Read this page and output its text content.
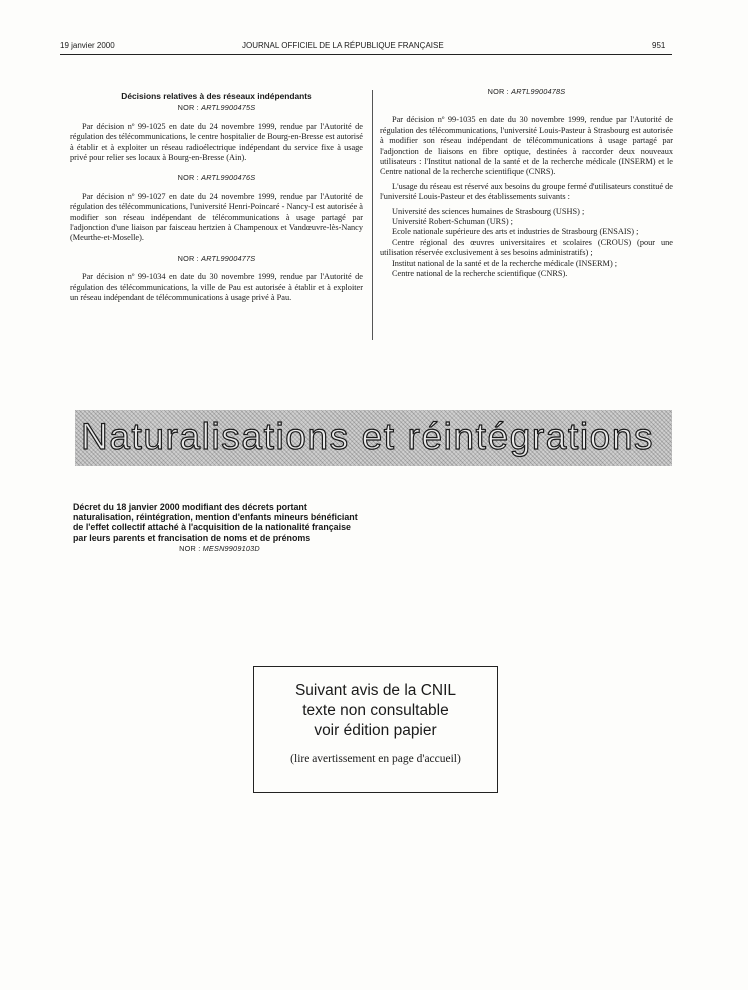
19 janvier 2000	JOURNAL OFFICIEL DE LA RÉPUBLIQUE FRANÇAISE	951
Décisions relatives à des réseaux indépendants
NOR : ARTL9900475S

Par décision nº 99-1025 en date du 24 novembre 1999, rendue par l'Autorité de régulation des télécommunications, le centre hospitalier de Bourg-en-Bresse est autorisé à établir et à exploiter un réseau radioélectrique indépendant du service fixe à usage privé pour relier ses locaux à Bourg-en-Bresse (Ain).

NOR : ARTL9900476S

Par décision nº 99-1027 en date du 24 novembre 1999, rendue par l'Autorité de régulation des télécommunications, l'université Henri-Poincaré - Nancy-I est autorisée à modifier son réseau indépendant de télécommunications à usage partagé par l'adjonction d'une liaison par faisceau hertzien à Champenoux et Vandœuvre-lès-Nancy (Meurthe-et-Moselle).

NOR : ARTL9900477S

Par décision nº 99-1034 en date du 30 novembre 1999, rendue par l'Autorité de régulation des télécommunications, la ville de Pau est autorisée à établir et à exploiter un réseau indépendant de télécommunications à usage privé à Pau.

NOR : ARTL9900478S

Par décision nº 99-1035 en date du 30 novembre 1999, rendue par l'Autorité de régulation des télécommunications, l'université Louis-Pasteur à Strasbourg est autorisée à modifier son réseau indépendant de télécommunications à usage partagé par l'adjonction de liaisons en fibre optique, destinées à raccorder deux nouveaux utilisateurs : l'Institut national de la santé et de la recherche médicale (INSERM) et le Centre national de la recherche scientifique (CNRS).

L'usage du réseau est réservé aux besoins du groupe fermé d'utilisateurs constitué de l'université Louis-Pasteur et des établissements suivants :

Université des sciences humaines de Strasbourg (USHS) ;

Université Robert-Schuman (URS) ;

Ecole nationale supérieure des arts et industries de Strasbourg (ENSAIS) ;

Centre régional des œuvres universitaires et scolaires (CROUS) (pour une utilisation réservée exclusivement à ses besoins administratifs) ;

Institut national de la santé et de la recherche médicale (INSERM) ;

Centre national de la recherche scientifique (CNRS).

Naturalisations et réintégrations
Décret du 18 janvier 2000 modifiant des décrets portant naturalisation, réintégration, mention d'enfants mineurs bénéficiant de l'effet collectif attaché à l'acquisition de la nationalité française par leurs parents et francisation de noms et de prénoms
NOR : MESN9909103D
Suivant avis de la CNIL
texte non consultable
voir édition papier
(lire avertissement en page d'accueil)
